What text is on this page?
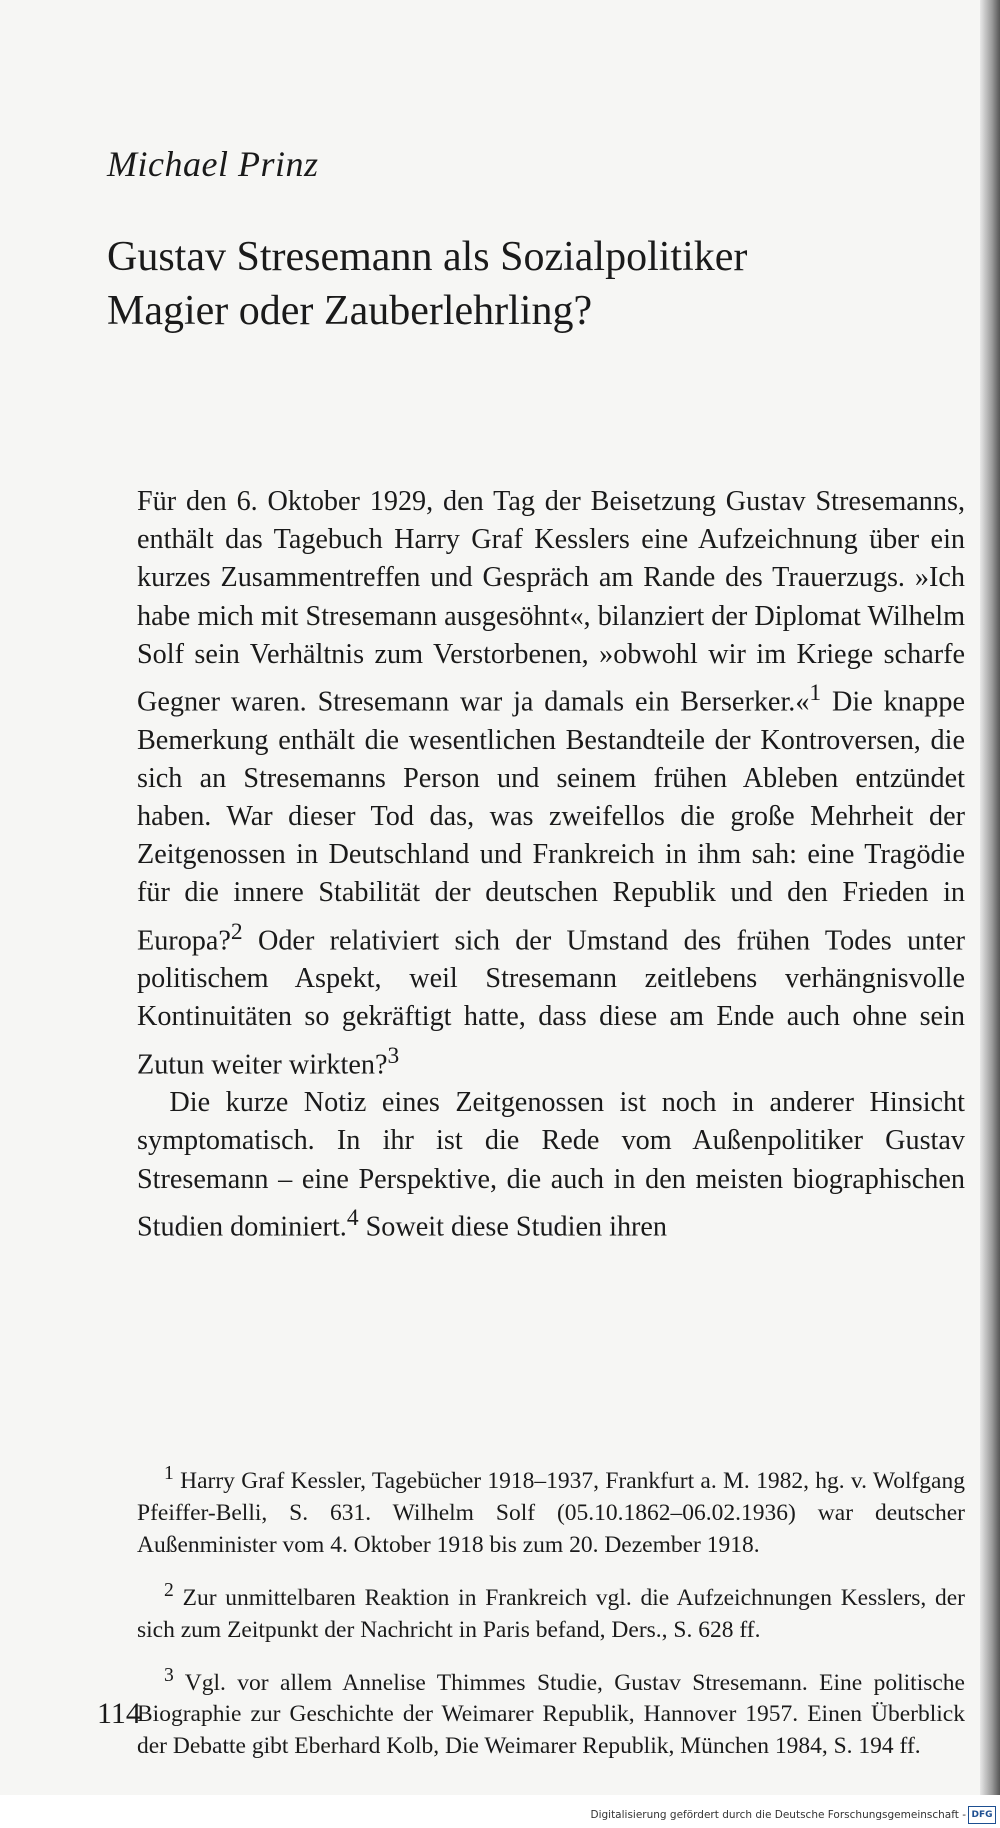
Michael Prinz
Gustav Stresemann als Sozialpolitiker
Magier oder Zauberlehrling?

Für den 6. Oktober 1929, den Tag der Beisetzung Gustav Stresemanns, enthält das Tagebuch Harry Graf Kesslers eine Aufzeichnung über ein kurzes Zusammentreffen und Gespräch am Rande des Trauerzugs. »Ich habe mich mit Stresemann ausgesöhnt«, bilanziert der Diplomat Wilhelm Solf sein Verhältnis zum Verstorbenen, »obwohl wir im Kriege scharfe Gegner waren. Stresemann war ja damals ein Berserker.«$^1$ Die knappe Bemerkung enthält die wesentlichen Bestandteile der Kontroversen, die sich an Stresemanns Person und seinem frühen Ableben entzündet haben. War dieser Tod das, was zweifellos die große Mehrheit der Zeitgenossen in Deutschland und Frankreich in ihm sah: eine Tragödie für die innere Stabilität der deutschen Republik und den Frieden in Europa?$^2$ Oder relativiert sich der Umstand des frühen Todes unter politischem Aspekt, weil Stresemann zeitlebens verhängnisvolle Kontinuitäten so gekräftigt hatte, dass diese am Ende auch ohne sein Zutun weiter wirkten?$^3$

Die kurze Notiz eines Zeitgenossen ist noch in anderer Hinsicht symptomatisch. In ihr ist die Rede vom Außenpolitiker Gustav Stresemann – eine Perspektive, die auch in den meisten biographischen Studien dominiert.$^4$ Soweit diese Studien ihren

$^1$ Harry Graf Kessler, Tagebücher 1918–1937, Frankfurt a. M. 1982, hg. v. Wolfgang Pfeiffer-Belli, S. 631. Wilhelm Solf (05.10.1862–06.02.1936) war deutscher Außenminister vom 4. Oktober 1918 bis zum 20. Dezember 1918.

$^2$ Zur unmittelbaren Reaktion in Frankreich vgl. die Aufzeichnungen Kesslers, der sich zum Zeitpunkt der Nachricht in Paris befand, Ders., S. 628 ff.

$^3$ Vgl. vor allem Annelise Thimmes Studie, Gustav Stresemann. Eine politische Biographie zur Geschichte der Weimarer Republik, Hannover 1957. Einen Überblick der Debatte gibt Eberhard Kolb, Die Weimarer Republik, München 1984, S. 194 ff.

114
Digitalisierung gefördert durch die Deutsche Forschungsgemeinschaft - DFG
